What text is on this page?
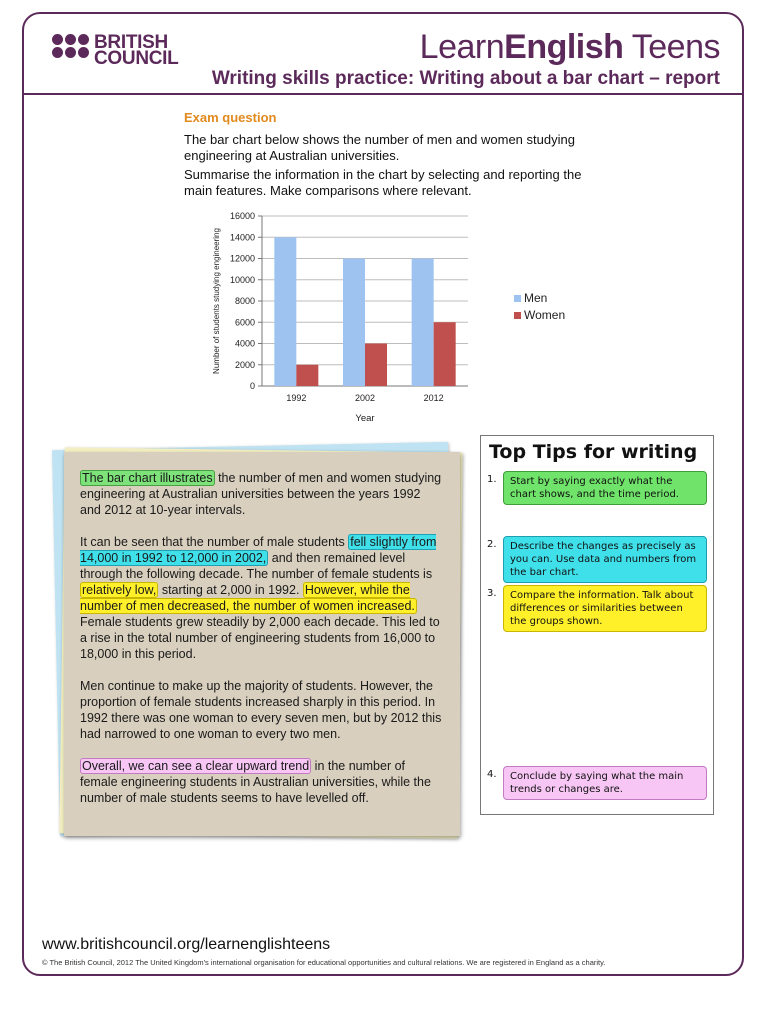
BRITISH
COUNCIL	LearnEnglish Teens
Writing skills practice: Writing about a bar chart – report
Exam question

The bar chart below shows the number of men and women studying engineering at Australian universities.

Summarise the information in the chart by selecting and reporting the main features. Make comparisons where relevant.

0
2000
4000
6000
8000
10000
12000
14000
16000
1992	2002	2012
Year
Number of students studying engineering	Men
Women

The bar chart illustrates the number of men and women studying engineering at Australian universities between the years 1992 and 2012 at 10-year intervals.

It can be seen that the number of male students fell slightly from 14,000 in 1992 to 12,000 in 2002, and then remained level through the following decade. The number of female students is relatively low, starting at 2,000 in 1992. However, while the number of men decreased, the number of women increased. Female students grew steadily by 2,000 each decade. This led to a rise in the total number of engineering students from 16,000 to 18,000 in this period.

Men continue to make up the majority of students. However, the proportion of female students increased sharply in this period. In 1992 there was one woman to every seven men, but by 2012 this had narrowed to one woman to every two men.

Overall, we can see a clear upward trend in the number of female engineering students in Australian universities, while the number of male students seems to have levelled off.

Top Tips for writing
1.	Start by saying exactly what the chart shows, and the time period.
2.	Describe the changes as precisely as you can. Use data and numbers from the bar chart.
3.	Compare the information. Talk about differences or similarities between the groups shown.
4.	Conclude by saying what the main trends or changes are.
www.britishcouncil.org/learnenglishteens
© The British Council, 2012 The United Kingdom's international organisation for educational opportunities and cultural relations. We are registered in England as a charity.
